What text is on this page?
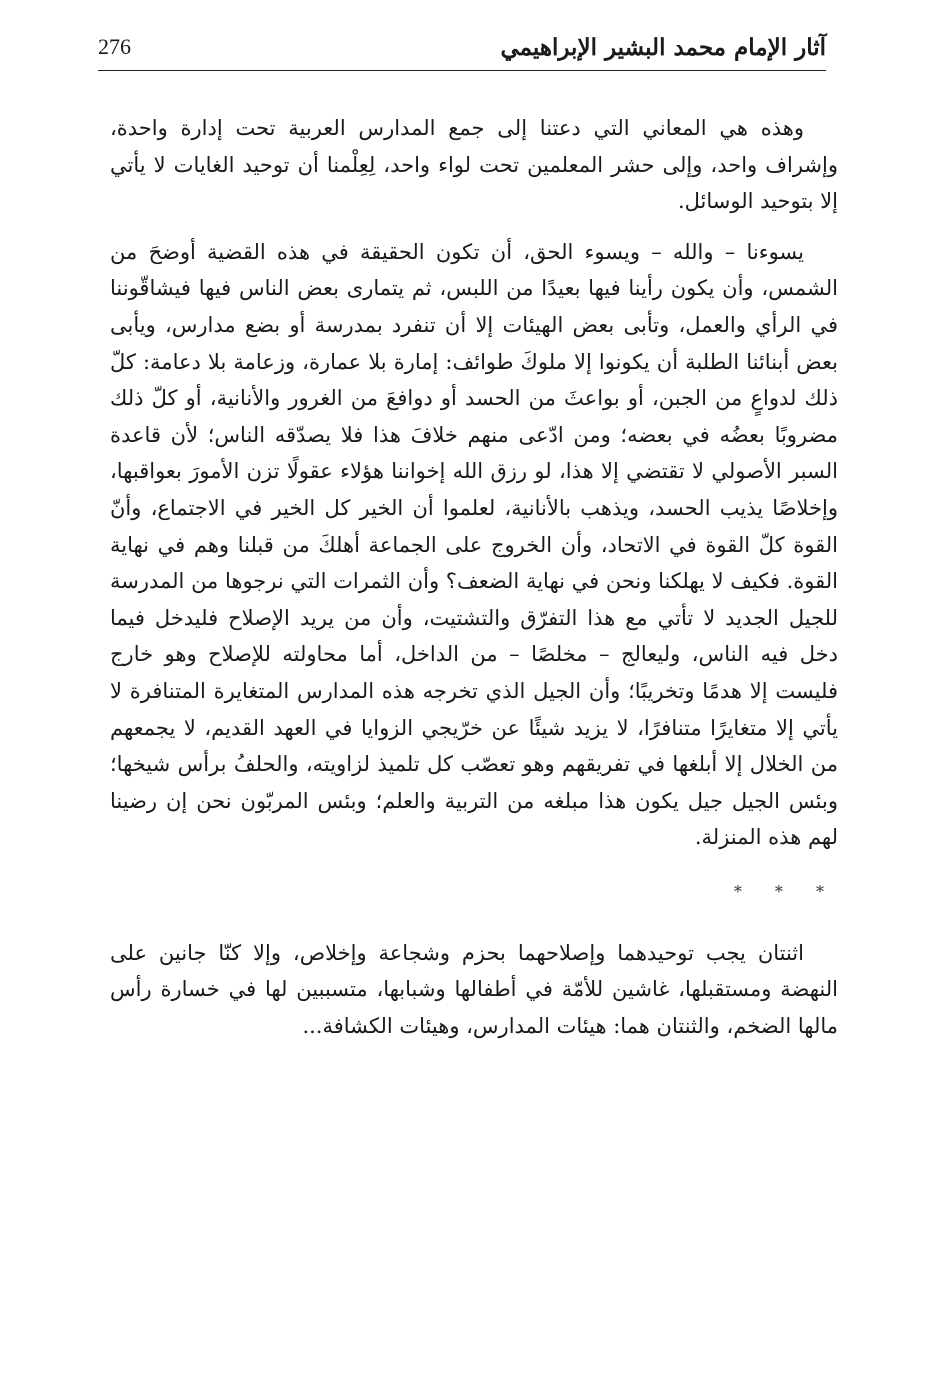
آثار الإمام محمد البشير الإبراهيمي
276

وهذه هي المعاني التي دعتنا إلى جمع المدارس العربية تحت إدارة واحدة، وإشراف واحد، وإلى حشر المعلمين تحت لواء واحد، لِعِلْمنا أن توحيد الغايات لا يأتي إلا بتوحيد الوسائل.

يسوءنا – والله – ويسوء الحق، أن تكون الحقيقة في هذه القضية أوضحَ من الشمس، وأن يكون رأينا فيها بعيدًا من اللبس، ثم يتمارى بعض الناس فيها فيشاقّوننا في الرأي والعمل، وتأبى بعض الهيئات إلا أن تنفرد بمدرسة أو بضع مدارس، ويأبى بعض أبنائنا الطلبة أن يكونوا إلا ملوكَ طوائف: إمارة بلا عمارة، وزعامة بلا دعامة: كلّ ذلك لدواعٍ من الجبن، أو بواعثَ من الحسد أو دوافعَ من الغرور والأنانية، أو كلّ ذلك مضروبًا بعضُه في بعضه؛ ومن ادّعى منهم خلافَ هذا فلا يصدّقه الناس؛ لأن قاعدة السبر الأصولي لا تقتضي إلا هذا، لو رزق الله إخواننا هؤلاء عقولًا تزن الأمورَ بعواقبها، وإخلاصًا يذيب الحسد، ويذهب بالأنانية، لعلموا أن الخير كل الخير في الاجتماع، وأنّ القوة كلّ القوة في الاتحاد، وأن الخروج على الجماعة أهلكَ من قبلنا وهم في نهاية القوة. فكيف لا يهلكنا ونحن في نهاية الضعف؟ وأن الثمرات التي نرجوها من المدرسة للجيل الجديد لا تأتي مع هذا التفرّق والتشتيت، وأن من يريد الإصلاح فليدخل فيما دخل فيه الناس، وليعالج – مخلصًا – من الداخل، أما محاولته للإصلاح وهو خارج فليست إلا هدمًا وتخريبًا؛ وأن الجيل الذي تخرجه هذه المدارس المتغايرة المتنافرة لا يأتي إلا متغايرًا متنافرًا، لا يزيد شيئًا عن خرّيجي الزوايا في العهد القديم، لا يجمعهم من الخلال إلا أبلغها في تفريقهم وهو تعصّب كل تلميذ لزاويته، والحلفُ برأس شيخها؛ وبئس الجيل جيل يكون هذا مبلغه من التربية والعلم؛ وبئس المربّون نحن إن رضينا لهم هذه المنزلة.

* * *

اثنتان يجب توحيدهما وإصلاحهما بحزم وشجاعة وإخلاص، وإلا كنّا جانين على النهضة ومستقبلها، غاشين للأمّة في أطفالها وشبابها، متسببين لها في خسارة رأس مالها الضخم، والثنتان هما: هيئات المدارس، وهيئات الكشافة...
